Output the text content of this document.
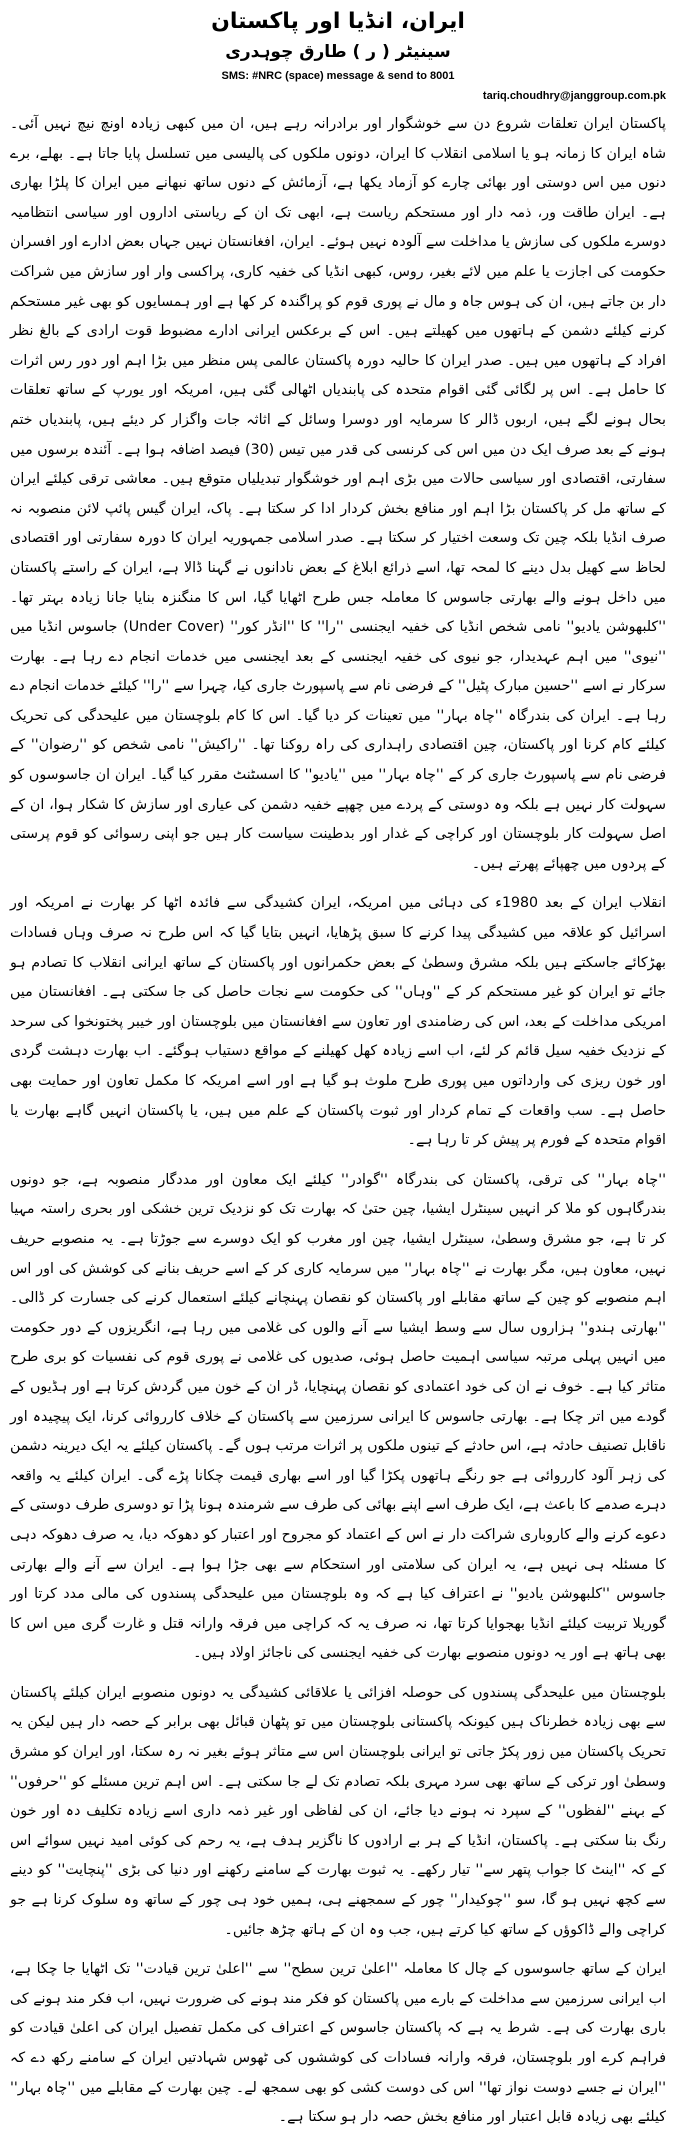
ایران، انڈیا اور پاکستان
سینیٹر ( ر ) طارق چوہدری
SMS: #NRC (space) message & send to 8001
tariq.choudhry@janggroup.com.pk

پاکستان ایران تعلقات شروع دن سے خوشگوار اور برادرانہ رہے ہیں، ان میں کبھی زیادہ اونچ نیچ نہیں آئی۔ شاہ ایران کا زمانہ ہو یا اسلامی انقلاب کا ایران، دونوں ملکوں کی پالیسی میں تسلسل پایا جاتا ہے۔ بھلے، برے دنوں میں اس دوستی اور بھائی چارے کو آزماد یکھا ہے، آزمائش کے دنوں ساتھ نبھانے میں ایران کا پلڑا بھاری ہے۔ ایران طاقت ور، ذمہ دار اور مستحکم ریاست ہے، ابھی تک ان کے ریاستی اداروں اور سیاسی انتظامیہ دوسرے ملکوں کی سازش یا مداخلت سے آلودہ نہیں ہوئے۔ ایران، افغانستان نہیں جہاں بعض ادارے اور افسران حکومت کی اجازت یا علم میں لائے بغیر، روس، کبھی انڈیا کی خفیہ کاری، پراکسی وار اور سازش میں شراکت دار بن جاتے ہیں، ان کی ہوس جاہ و مال نے پوری قوم کو پراگندہ کر کھا ہے اور ہمسایوں کو بھی غیر مستحکم کرنے کیلئے دشمن کے ہاتھوں میں کھیلتے ہیں۔ اس کے برعکس ایرانی ادارے مضبوط قوت ارادی کے بالغ نظر افراد کے ہاتھوں میں ہیں۔ صدر ایران کا حالیہ دورہ پاکستان عالمی پس منظر میں بڑا اہم اور دور رس اثرات کا حامل ہے۔ اس پر لگائی گئی اقوام متحدہ کی پابندیاں اٹھالی گئی ہیں، امریکہ اور یورپ کے ساتھ تعلقات بحال ہونے لگے ہیں، اربوں ڈالر کا سرمایہ اور دوسرا وسائل کے اثاثہ جات واگزار کر دیئے ہیں، پابندیاں ختم ہونے کے بعد صرف ایک دن میں اس کی کرنسی کی قدر میں تیس (30) فیصد اضافہ ہوا ہے۔ آئندہ برسوں میں سفارتی، اقتصادی اور سیاسی حالات میں بڑی اہم اور خوشگوار تبدیلیاں متوقع ہیں۔ معاشی ترقی کیلئے ایران کے ساتھ مل کر پاکستان بڑا اہم اور منافع بخش کردار ادا کر سکتا ہے۔ پاک، ایران گیس پائپ لائن منصوبہ نہ صرف انڈیا بلکہ چین تک وسعت اختیار کر سکتا ہے۔ صدر اسلامی جمہوریہ ایران کا دورہ سفارتی اور اقتصادی لحاظ سے کھیل بدل دینے کا لمحہ تھا، اسے ذرائع ابلاغ کے بعض نادانوں نے گہنا ڈالا ہے، ایران کے راستے پاکستان میں داخل ہونے والے بھارتی جاسوس کا معاملہ جس طرح اٹھایا گیا، اس کا منگنزہ بنایا جانا زیادہ بہتر تھا۔ ''کلبھوشن یادیو'' نامی شخص انڈیا کی خفیہ ایجنسی ''را'' کا ''انڈر کور'' (Under Cover) جاسوس انڈیا میں ''نیوی'' میں اہم عہدیدار، جو نیوی کی خفیہ ایجنسی کے بعد ایجنسی میں خدمات انجام دے رہا ہے۔ بھارت سرکار نے اسے ''حسین مبارک پٹیل'' کے فرضی نام سے پاسپورٹ جاری کیا، چہرا سے ''را'' کیلئے خدمات انجام دے رہا ہے۔ ایران کی بندرگاہ ''چاہ بہار'' میں تعینات کر دیا گیا۔ اس کا کام بلوچستان میں علیحدگی کی تحریک کیلئے کام کرنا اور پاکستان، چین اقتصادی راہداری کی راہ روکنا تھا۔ ''راکیش'' نامی شخص کو ''رضوان'' کے فرضی نام سے پاسپورٹ جاری کر کے ''چاہ بہار'' میں ''یادیو'' کا اسسٹنٹ مقرر کیا گیا۔ ایران ان جاسوسوں کو سہولت کار نہیں ہے بلکہ وہ دوستی کے پردے میں چھپے خفیہ دشمن کی عیاری اور سازش کا شکار ہوا، ان کے اصل سہولت کار بلوچستان اور کراچی کے غدار اور بدطینت سیاست کار ہیں جو اپنی رسوائی کو قوم پرستی کے پردوں میں چھپائے پھرتے ہیں۔

انقلاب ایران کے بعد 1980ء کی دہائی میں امریکہ، ایران کشیدگی سے فائدہ اٹھا کر بھارت نے امریکہ اور اسرائیل کو علاقہ میں کشیدگی پیدا کرنے کا سبق پڑھایا، انہیں بتایا گیا کہ اس طرح نہ صرف وہاں فسادات بھڑکائے جاسکتے ہیں بلکہ مشرق وسطیٰ کے بعض حکمرانوں اور پاکستان کے ساتھ ایرانی انقلاب کا تصادم ہو جائے تو ایران کو غیر مستحکم کر کے ''وہاں'' کی حکومت سے نجات حاصل کی جا سکتی ہے۔ افغانستان میں امریکی مداخلت کے بعد، اس کی رضامندی اور تعاون سے افغانستان میں بلوچستان اور خیبر پختونخوا کی سرحد کے نزدیک خفیہ سیل قائم کر لئے، اب اسے زیادہ کھل کھیلنے کے مواقع دستیاب ہوگئے۔ اب بھارت دہشت گردی اور خون ریزی کی وارداتوں میں پوری طرح ملوث ہو گیا ہے اور اسے امریکہ کا مکمل تعاون اور حمایت بھی حاصل ہے۔ سب واقعات کے تمام کردار اور ثبوت پاکستان کے علم میں ہیں، یا پاکستان انہیں گاہے بھارت یا اقوام متحدہ کے فورم پر پیش کر تا رہا ہے۔

''چاہ بہار'' کی ترقی، پاکستان کی بندرگاہ ''گوادر'' کیلئے ایک معاون اور مددگار منصوبہ ہے، جو دونوں بندرگاہوں کو ملا کر انہیں سینٹرل ایشیا، چین حتیٰ کہ بھارت تک کو نزدیک ترین خشکی اور بحری راستہ مہیا کر تا ہے، جو مشرق وسطیٰ، سینٹرل ایشیا، چین اور مغرب کو ایک دوسرے سے جوڑتا ہے۔ یہ منصوبے حریف نہیں، معاون ہیں، مگر بھارت نے ''چاہ بہار'' میں سرمایہ کاری کر کے اسے حریف بنانے کی کوشش کی اور اس اہم منصوبے کو چین کے ساتھ مقابلے اور پاکستان کو نقصان پہنچانے کیلئے استعمال کرنے کی جسارت کر ڈالی۔ ''بھارتی ہندو'' ہزاروں سال سے وسط ایشیا سے آنے والوں کی غلامی میں رہا ہے، انگریزوں کے دور حکومت میں انہیں پہلی مرتبہ سیاسی اہمیت حاصل ہوئی، صدیوں کی غلامی نے پوری قوم کی نفسیات کو بری طرح متاثر کیا ہے۔ خوف نے ان کی خود اعتمادی کو نقصان پہنچایا، ڈر ان کے خون میں گردش کرتا ہے اور ہڈیوں کے گودے میں اتر چکا ہے۔ بھارتی جاسوس کا ایرانی سرزمین سے پاکستان کے خلاف کارروائی کرنا، ایک پیچیدہ اور ناقابل تصنیف حادثہ ہے، اس حادثے کے تینوں ملکوں پر اثرات مرتب ہوں گے۔ پاکستان کیلئے یہ ایک دیرینہ دشمن کی زہر آلود کارروائی ہے جو رنگے ہاتھوں پکڑا گیا اور اسے بھاری قیمت چکانا پڑے گی۔ ایران کیلئے یہ واقعہ دہرے صدمے کا باعث ہے، ایک طرف اسے اپنے بھائی کی طرف سے شرمندہ ہونا پڑا تو دوسری طرف دوستی کے دعوے کرنے والے کاروباری شراکت دار نے اس کے اعتماد کو مجروح اور اعتبار کو دھوکہ دیا، یہ صرف دھوکہ دہی کا مسئلہ ہی نہیں ہے، یہ ایران کی سلامتی اور استحکام سے بھی جڑا ہوا ہے۔ ایران سے آنے والے بھارتی جاسوس ''کلبھوشن یادیو'' نے اعتراف کیا ہے کہ وہ بلوچستان میں علیحدگی پسندوں کی مالی مدد کرتا اور گوریلا تربیت کیلئے انڈیا بھجوایا کرتا تھا، نہ صرف یہ کہ کراچی میں فرقہ وارانہ قتل و غارت گری میں اس کا بھی ہاتھ ہے اور یہ دونوں منصوبے بھارت کی خفیہ ایجنسی کی ناجائز اولاد ہیں۔

بلوچستان میں علیحدگی پسندوں کی حوصلہ افزائی یا علاقائی کشیدگی یہ دونوں منصوبے ایران کیلئے پاکستان سے بھی زیادہ خطرناک ہیں کیونکہ پاکستانی بلوچستان میں تو پٹھان قبائل بھی برابر کے حصہ دار ہیں لیکن یہ تحریک پاکستان میں زور پکڑ جاتی تو ایرانی بلوچستان اس سے متاثر ہوئے بغیر نہ رہ سکتا، اور ایران کو مشرق وسطیٰ اور ترکی کے ساتھ بھی سرد مہری بلکہ تصادم تک لے جا سکتی ہے۔ اس اہم ترین مسئلے کو ''حرفوں'' کے بہنے ''لفظوں'' کے سپرد نہ ہونے دیا جائے، ان کی لفاظی اور غیر ذمہ داری اسے زیادہ تکلیف دہ اور خون رنگ بنا سکتی ہے۔ پاکستان، انڈیا کے ہر بے ارادوں کا ناگزیر ہدف ہے، یہ رحم کی کوئی امید نہیں سوائے اس کے کہ ''اینٹ کا جواب پتھر سے'' تیار رکھے۔ یہ ثبوت بھارت کے سامنے رکھنے اور دنیا کی بڑی ''پنچایت'' کو دینے سے کچھ نہیں ہو گا، سو ''چوکیدار'' چور کے سمجھنے ہی، ہمیں خود ہی چور کے ساتھ وہ سلوک کرنا ہے جو کراچی والے ڈاکوؤں کے ساتھ کیا کرتے ہیں، جب وہ ان کے ہاتھ چڑھ جائیں۔

ایران کے ساتھ جاسوسوں کے چال کا معاملہ ''اعلیٰ ترین سطح'' سے ''اعلیٰ ترین قیادت'' تک اٹھایا جا چکا ہے، اب ایرانی سرزمین سے مداخلت کے بارے میں پاکستان کو فکر مند ہونے کی ضرورت نہیں، اب فکر مند ہونے کی باری بھارت کی ہے۔ شرط یہ ہے کہ پاکستان جاسوس کے اعتراف کی مکمل تفصیل ایران کی اعلیٰ قیادت کو فراہم کرے اور بلوچستان، فرقہ وارانہ فسادات کی کوششوں کی ٹھوس شہادتیں ایران کے سامنے رکھ دے کہ ''ایران نے جسے دوست نواز تھا'' اس کی دوست کشی کو بھی سمجھ لے۔ چین بھارت کے مقابلے میں ''چاہ بہار'' کیلئے بھی زیادہ قابل اعتبار اور منافع بخش حصہ دار ہو سکتا ہے۔
